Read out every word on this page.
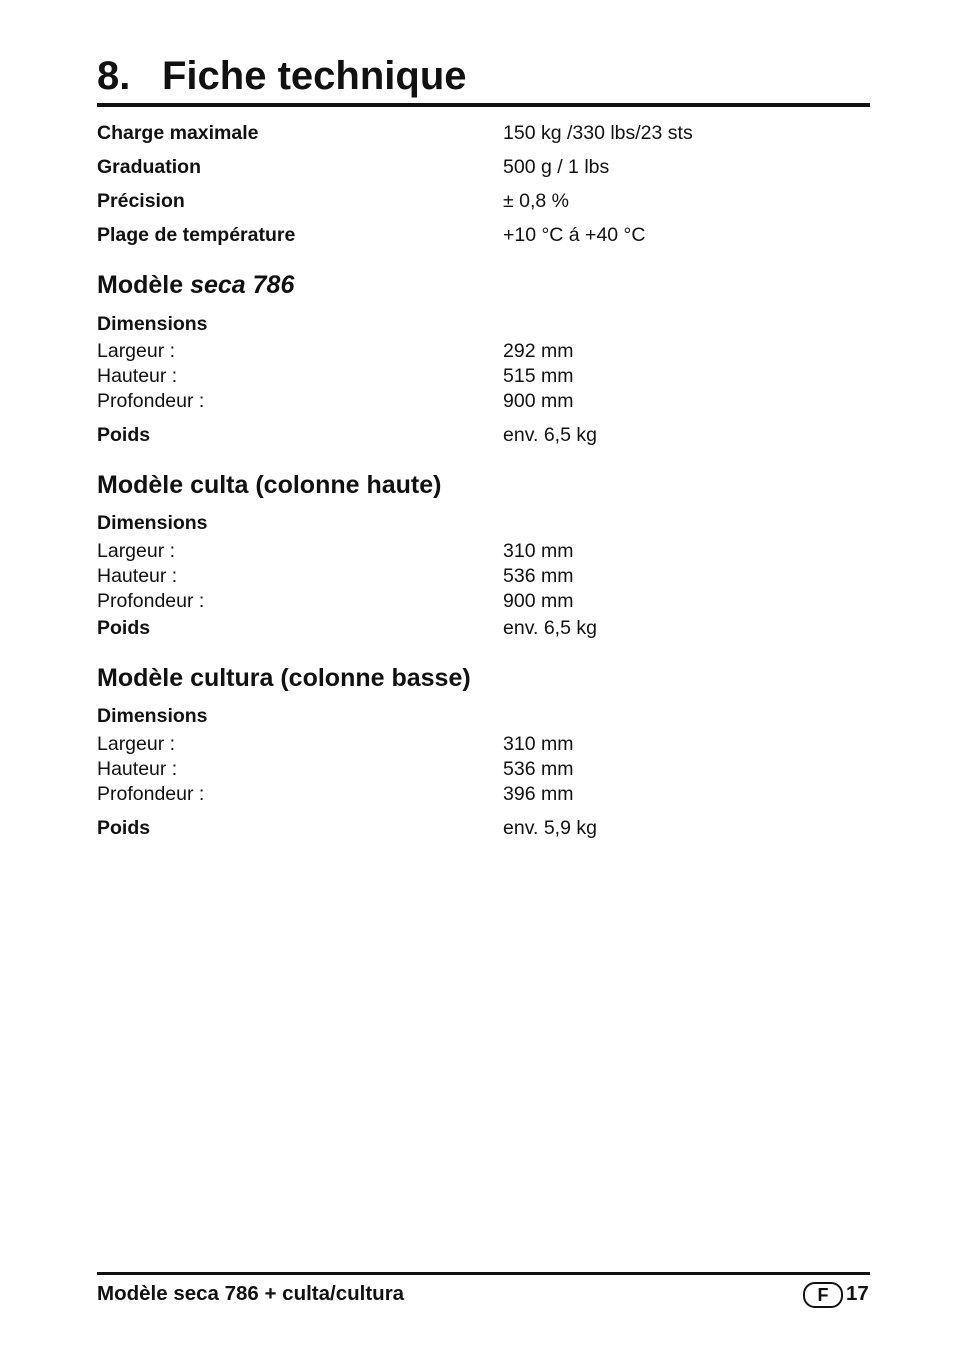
8. Fiche technique
Charge maximale	150 kg /330 lbs/23 sts
Graduation	500 g / 1 lbs
Précision	± 0,8 %
Plage de température	+10 °C á +40 °C
Modèle seca 786
Dimensions
Largeur :	292 mm
Hauteur :	515 mm
Profondeur :	900 mm
Poids	env. 6,5 kg
Modèle culta (colonne haute)
Dimensions
Largeur :	310 mm
Hauteur :	536 mm
Profondeur :	900 mm
Poids	env. 6,5 kg
Modèle cultura (colonne basse)
Dimensions
Largeur :	310 mm
Hauteur :	536 mm
Profondeur :	396 mm
Poids	env. 5,9 kg
Modèle seca 786 + culta/cultura	F 17
